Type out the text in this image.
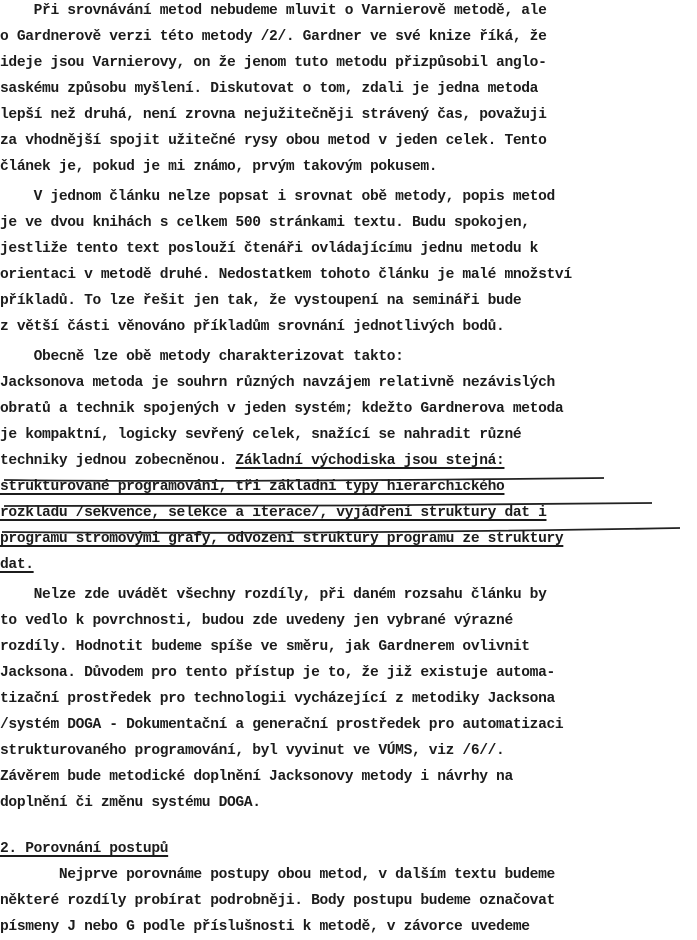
Při srovnávání metod nebudeme mluvit o Varnierově metodě, ale
o Gardnerově verzi této metody /2/. Gardner ve své knize říká, že
ideje jsou Varnierovy, on že jenom tuto metodu přizpůsobil anglo-
saskému způsobu myšlení. Diskutovat o tom, zdali je jedna metoda
lepší než druhá, není zrovna nejužitečněji strávený čas, považuji
za vhodnější spojit užitečné rysy obou metod v jeden celek. Tento
článek je, pokud je mi známo, prvým takovým pokusem.
V jednom článku nelze popsat i srovnat obě metody, popis metod
je ve dvou knihách s celkem 500 stránkami textu. Budu spokojen,
jestliže tento text poslouží čtenáři ovládajícímu jednu metodu k
orientaci v metodě druhé. Nedostatkem tohoto článku je malé množství
příkladů. To lze řešit jen tak, že vystoupení na semináři bude
z větší části věnováno příkladům srovnání jednotlivých bodů.
Obecně lze obě metody charakterizovat takto:
Jacksonova metoda je souhrn různých navzájem relativně nezávislých
obratů a technik spojených v jeden systém; kdežto Gardnerova metoda
je kompaktní, logicky sevřený celek, snažící se nahradit různé
techniky jednou zobecněnou. Základní východiska jsou stejná:
strukturované programování, tři základní typy hierarchického
rozkladu /sekvence, selekce a iterace/, vyjádření struktury dat i
programu stromovými grafy, odvození struktury programu ze struktury
dat.
Nelze zde uvádět všechny rozdíly, při daném rozsahu článku by
to vedlo k povrchnosti, budou zde uvedeny jen vybrané výrazné
rozdíly. Hodnotit budeme spíše ve směru, jak Gardnerem ovlivnit
Jacksona. Důvodem pro tento přístup je to, že již existuje automa-
tizační prostředek pro technologii vycházející z metodiky Jacksona
/systém DOGA - Dokumentační a generační prostředek pro automatizaci
strukturovaného programování, byl vyvinut ve VÚMS, viz /6//.
Závěrem bude metodické doplnění Jacksonovy metody i návrhy na
doplnění či změnu systému DOGA.
2. Porovnání postupů
Nejprve porovnáme postupy obou metod, v dalším textu budeme
některé rozdíly probírat podrobněji. Body postupu budeme označovat
písmeny J nebo G podle příslušnosti k metodě, v závorce uvedeme
